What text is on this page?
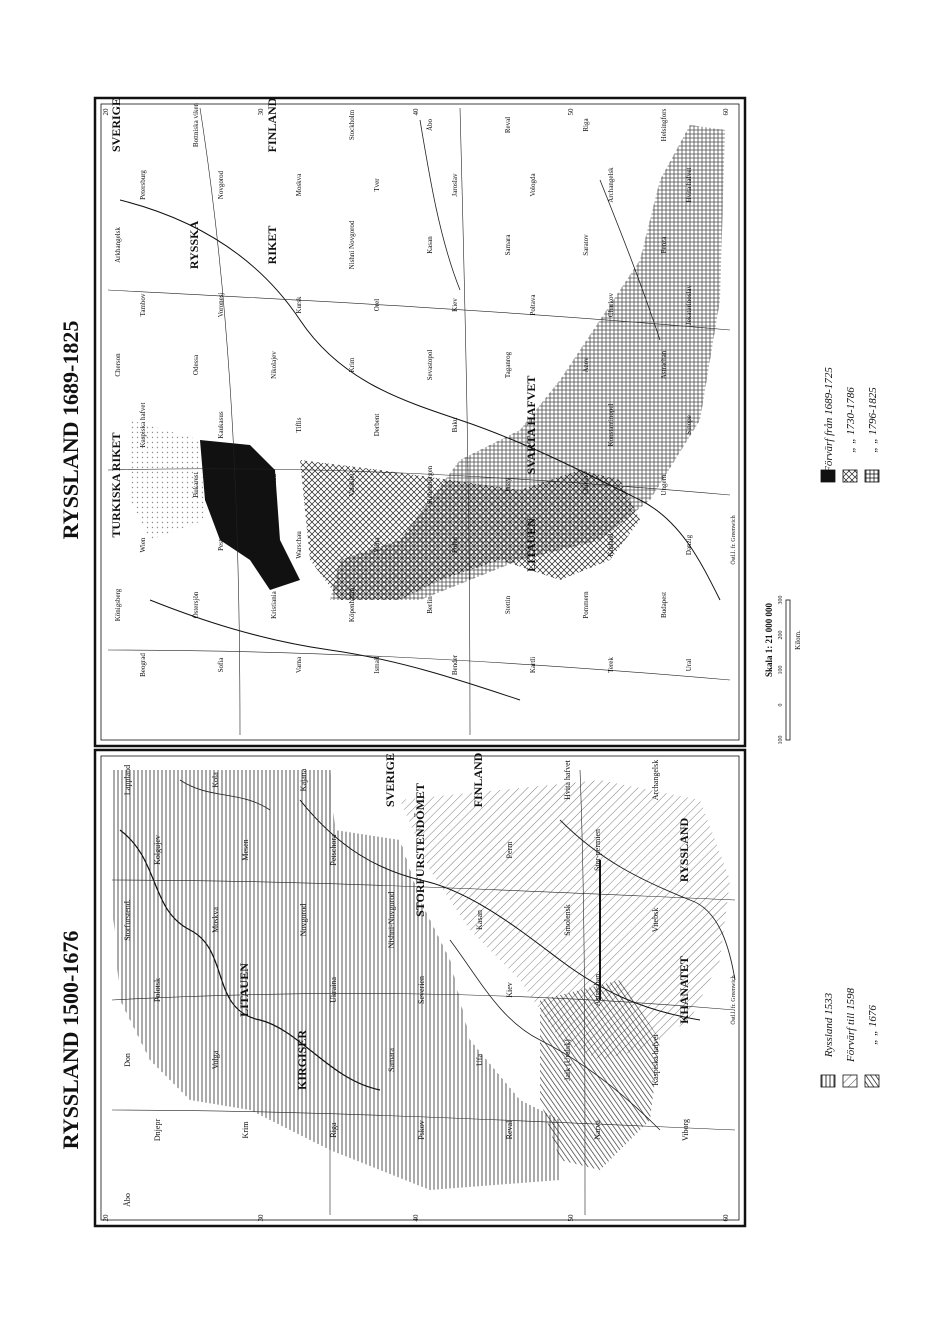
RYSSLAND 1500-1676
RYSSLAND 1689-1825
Lappland	Kola	Kajana	SVERIGE	FINLAND	Hvita hafvet	Archangelsk
Kolgujev	Mesen	Petschora	STORFURSTENDÖMET	Perm	Stor-permien	RYSSLAND
Storfurstend.	Moskva	Novgorod	Nishni-Novgorod	Kasan	Smolensk	Vitebsk
Polotsk	LITAUEN	Ukraina	Severien	Kiev	Astrachan	KHANATET
Don	Volga	KIRGISER	Samara	Ufa	Jaik (Uralsk)	Kaspiska hafvet
Dnjepr	Krim	Riga	Pskov	Reval	Narva	Viborg
Åbo
SVERIGE	Bottniska viken	FINLAND	Stockholm	Åbo	Reval	Riga	Helsingfors
Petersburg	Novgorod	Moskva	Tver	Jaroslav	Vologda	Archangelsk	Hvita hafvet
Arkhangelsk	RYSSKA	RIKET	Nishni Novgorod	Kasan	Samara	Saratov	Penza
Tambov	Voronesj	Kursk	Orel	Kiev	Poltava	Charkov	Jekaterinoslav
Cherson	Odessa	Nikolajev	Krim	Sevastopol	Taganrog	Azov	Astrachan
Kaspiska hafvet	Kaukasus	Tiflis	Derbent	Baku	SVARTA HAFVET	Konstantinopel	Sinope
TURKISKA RIKET	Bukarest	Moldau	Valakiet	Siebenbürgen	Jassy	Chotin	Ungern
Wien	Pest	Warschau	Vilna	Polen	LITAUEN	Kurland	Danzig
Königsberg	Östersjön	Kristiania	Köpenhamn	Berlin	Stettin	Pommern	Budapest
Beograd	Sofia	Varna	Ismail	Bender	Kartli	Terek	Ural
20	30	40	50	60
20	30	40	50	60
Östl.l. fr. Greenwich
Östl.l. fr. Greenwich
Ryssland 1533 Förvärf till 1598 „ „ 1676
Förvärf från 1689-1725 „ „ 1730-1786 „ „ 1796-1825
Skala 1: 21 000 000	Kilom.
100
0
100
200
300
